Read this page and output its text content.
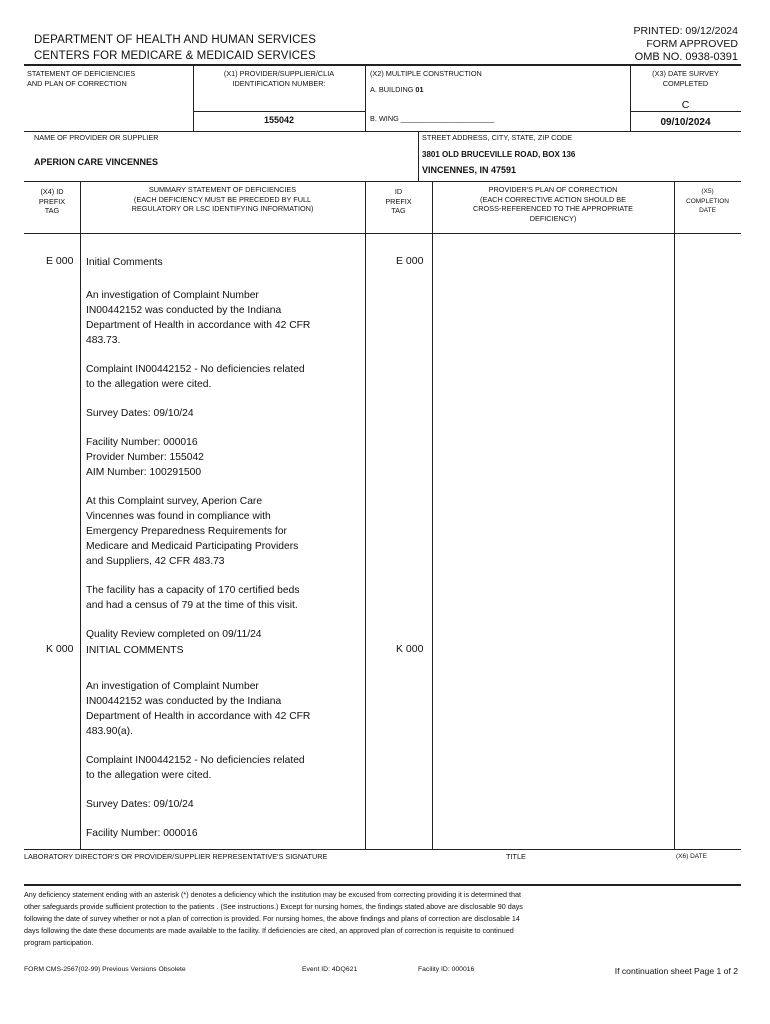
DEPARTMENT OF HEALTH AND HUMAN SERVICES
CENTERS FOR MEDICARE & MEDICAID SERVICES
PRINTED: 09/12/2024
FORM APPROVED
OMB NO. 0938-0391
STATEMENT OF DEFICIENCIES
AND PLAN OF CORRECTION
(X1) PROVIDER/SUPPLIER/CLIA
IDENTIFICATION NUMBER:
155042
(X2) MULTIPLE CONSTRUCTION
A. BUILDING 01
B. WING _______________________
(X3) DATE SURVEY
COMPLETED
C
09/10/2024
NAME OF PROVIDER OR SUPPLIER
APERION CARE VINCENNES
STREET ADDRESS, CITY, STATE, ZIP CODE
3801 OLD BRUCEVILLE ROAD, BOX 136
VINCENNES, IN 47591
(X4) ID
PREFIX
TAG
SUMMARY STATEMENT OF DEFICIENCIES
(EACH DEFICIENCY MUST BE PRECEDED BY FULL
REGULATORY OR LSC IDENTIFYING INFORMATION)
ID
PREFIX
TAG
PROVIDER'S PLAN OF CORRECTION
(EACH CORRECTIVE ACTION SHOULD BE
CROSS-REFERENCED TO THE APPROPRIATE
DEFICIENCY)
(X5)
COMPLETION
DATE
E 000	E 000
Initial Comments
An investigation of Complaint Number
IN00442152 was conducted by the Indiana
Department of Health in accordance with 42 CFR
483.73.
Complaint IN00442152 - No deficiencies related
to the allegation were cited.
Survey Dates: 09/10/24
Facility Number: 000016
Provider Number: 155042
AIM Number: 100291500
At this Complaint survey, Aperion Care
Vincennes was found in compliance with
Emergency Preparedness Requirements for
Medicare and Medicaid Participating Providers
and Suppliers, 42 CFR 483.73
The facility has a capacity of 170 certified beds
and had a census of 79 at the time of this visit.
Quality Review completed on 09/11/24
K 000	K 000
INITIAL COMMENTS
An investigation of Complaint Number
IN00442152 was conducted by the Indiana
Department of Health in accordance with 42 CFR
483.90(a).
Complaint IN00442152 - No deficiencies related
to the allegation were cited.
Survey Dates: 09/10/24
Facility Number: 000016
LABORATORY DIRECTOR'S OR PROVIDER/SUPPLIER REPRESENTATIVE'S SIGNATURE	TITLE	(X6) DATE
Any deficiency statement ending with an asterisk (*) denotes a deficiency which the institution may be excused from correcting providing it is determined that
other safeguards provide sufficient protection to the patients . (See instructions.) Except for nursing homes, the findings stated above are disclosable 90 days
following the date of survey whether or not a plan of correction is provided. For nursing homes, the above findings and plans of correction are disclosable 14
days following the date these documents are made available to the facility. If deficiencies are cited, an approved plan of correction is requisite to continued
program participation.
FORM CMS-2567(02-99) Previous Versions Obsolete	Event ID: 4DQ621	Facility ID: 000016	If continuation sheet Page 1 of 2
